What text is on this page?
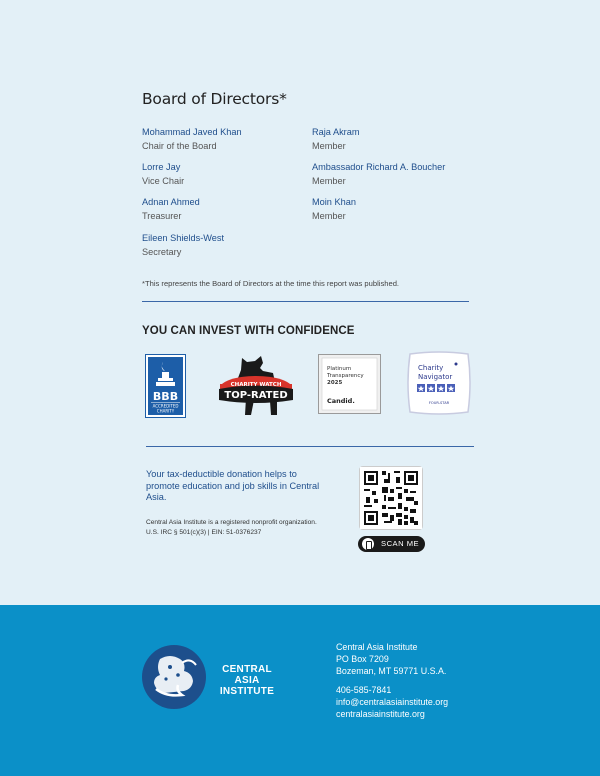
Board of Directors*
Mohammad Javed Khan
Chair of the Board
Lorre Jay
Vice Chair
Adnan Ahmed
Treasurer
Eileen Shields-West
Secretary
Raja Akram
Member
Ambassador Richard A. Boucher
Member
Moin Khan
Member
*This represents the Board of Directors at the time this report was published.
YOU CAN INVEST WITH CONFIDENCE
BBB
ACCREDITED
CHARITY
CHARITY WATCH
TOP-RATED
Platinum
Transparency
2025
Candid.
Charity
Navigator
FOUR-STAR
Your tax-deductible donation helps to promote education and job skills in Central Asia.
Central Asia Institute is a registered nonprofit organization.
U.S. IRC § 501(c)(3) | EIN: 51-0376237
SCAN ME
CENTRAL
ASIA
INSTITUTE
Central Asia Institute
PO Box 7209
Bozeman, MT 59771 U.S.A.
406-585-7841
info@centralasiainstitute.org
centralasiainstitute.org
